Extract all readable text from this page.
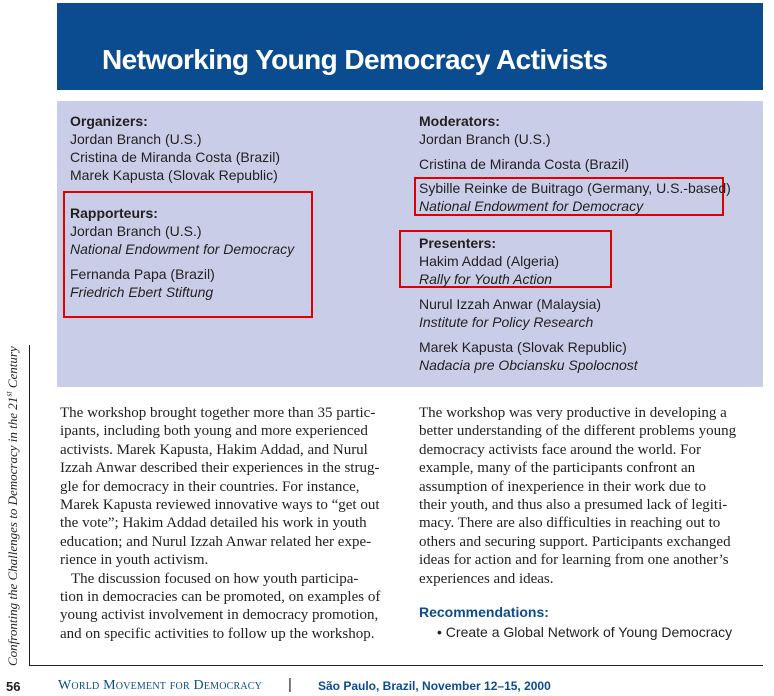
Networking Young Democracy Activists
Organizers:
Jordan Branch (U.S.)
Cristina de Miranda Costa (Brazil)
Marek Kapusta (Slovak Republic)
Rapporteurs:
Jordan Branch (U.S.)
National Endowment for Democracy
Fernanda Papa (Brazil)
Friedrich Ebert Stiftung
Moderators:
Jordan Branch (U.S.)
Cristina de Miranda Costa (Brazil)
Sybille Reinke de Buitrago (Germany, U.S.-based)
National Endowment for Democracy
Presenters:
Hakim Addad (Algeria)
Rally for Youth Action
Nurul Izzah Anwar (Malaysia)
Institute for Policy Research
Marek Kapusta (Slovak Republic)
Nadacia pre Obciansku Spolocnost
The workshop brought together more than 35 partic-
ipants, including both young and more experienced
activists. Marek Kapusta, Hakim Addad, and Nurul
Izzah Anwar described their experiences in the strug-
gle for democracy in their countries. For instance,
Marek Kapusta reviewed innovative ways to “get out
the vote”; Hakim Addad detailed his work in youth
education; and Nurul Izzah Anwar related her expe-
rience in youth activism.
The discussion focused on how youth participa-
tion in democracies can be promoted, on examples of
young activist involvement in democracy promotion,
and on specific activities to follow up the workshop.
The workshop was very productive in developing a
better understanding of the different problems young
democracy activists face around the world. For
example, many of the participants confront an
assumption of inexperience in their work due to
their youth, and thus also a presumed lack of legiti-
macy. There are also difficulties in reaching out to
others and securing support. Participants exchanged
ideas for action and for learning from one another’s
experiences and ideas.
Recommendations:
• Create a Global Network of Young Democracy
Confronting the Challenges to Democracy in the 21st Century
56	World Movement for Democracy | São Paulo, Brazil, November 12–15, 2000
